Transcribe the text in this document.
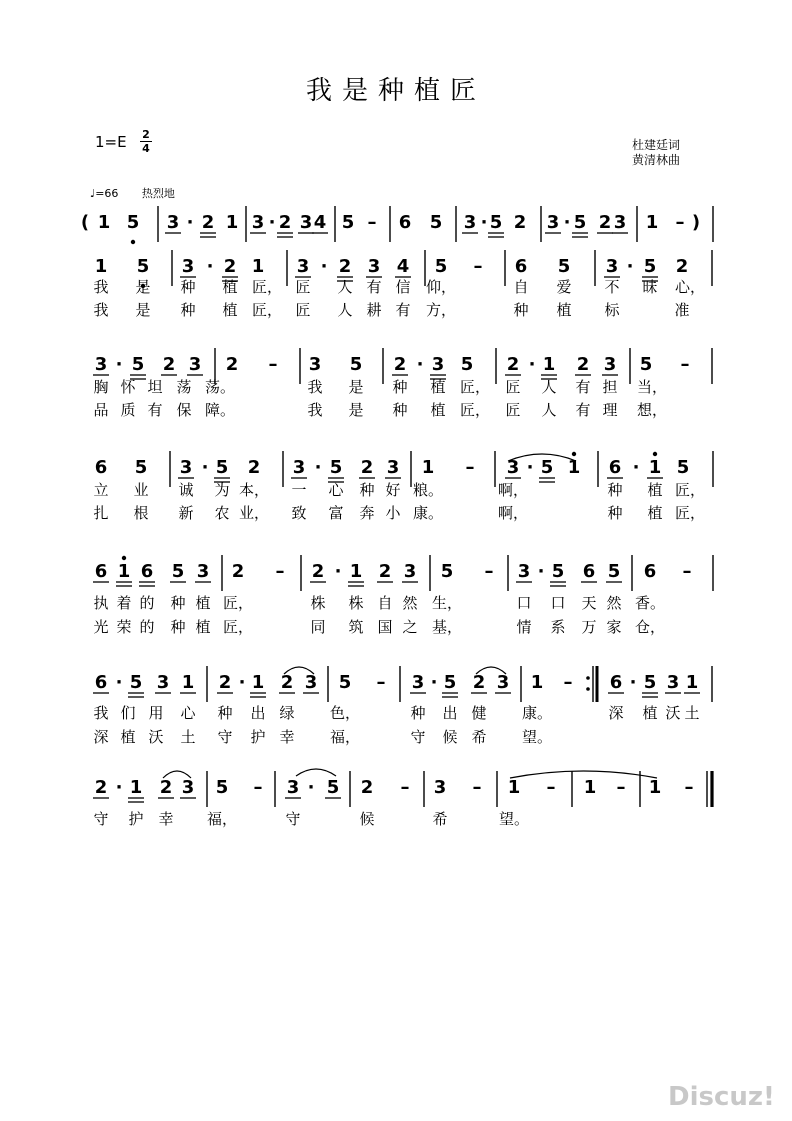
我是种植匠
$1=E \frac{2}{4}$	杜建廷词
黄清林曲
♩=66 热烈地
( 1 5 3 · 2 1 3 · 2 3 4 5 – 6 5 3 · 5 2 3 · 5 2 3 1 – )
1 5 3 · 2 1 3 · 2 3 4 5 – 6 5 3 · 5 2
我 是 种 植 匠， 匠 人 有 信 仰，	自 爱 不 昧 心，
我 是 种 植 匠， 匠 人 耕 有 方，	种 植 标	准
3 · 5 2 3 2 – 3 5 2 · 3 5 2 · 1 2 3 5 –
胸 怀 坦 荡 荡。	我 是 种 植 匠， 匠 人 有 担 当，
品 质 有 保 障。	我 是 种 植 匠， 匠 人 有 理 想，
6 5 3 · 5 2 3 · 5 2 3 1 – 3 · 5 1 6 · 1 5
立 业 诚 为 本， 一 心 种 好 粮。	啊，	种 植 匠，
扎 根 新 农 业， 致 富 奔 小 康。	啊，	种 植 匠，
6 1 6 5 3 2 – 2 · 1 2 3 5 – 3 · 5 6 5 6 –
执 着 的 种 植 匠，	株 株 自 然 生，	口 口 天 然 香。
光 荣 的 种 植 匠，	同 筑 国 之 基，	情 系 万 家 仓，
6 · 5 3 1 2 · 1 2 3 5 – 3 · 5 2 3 1 – 6 · 5 3 1
我 们 用 心 种 出 绿 色，	种 出 健 康。	深 植 沃 土
深 植 沃 土 守 护 幸 福，	守 候 希 望。
2 · 1 2 3 5 – 3 · 5 2 – 3 – 1 – 1 – 1 –
守 护 幸 福，	守	候	希	望。
Discuz!
